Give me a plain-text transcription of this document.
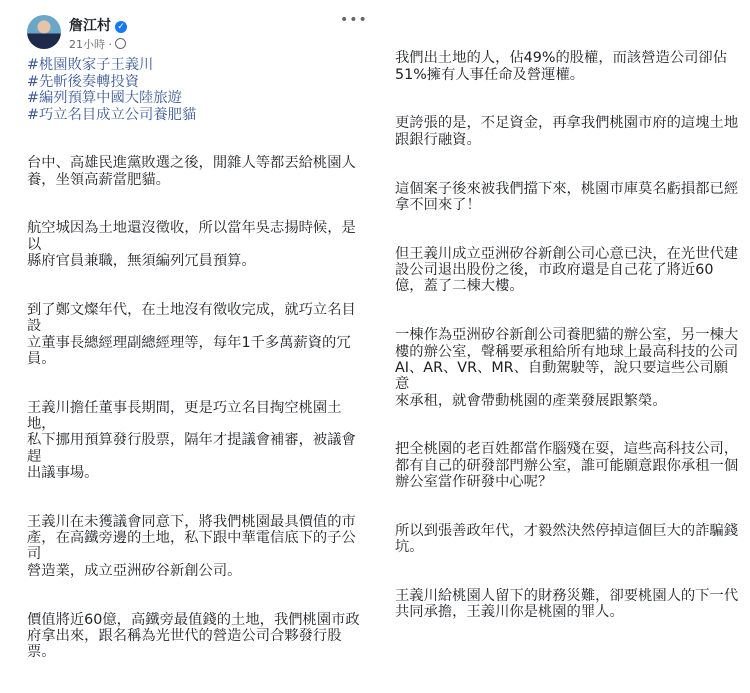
詹江村 ✓
21小時 ·
•••
#桃園敗家子王義川
#先斬後奏轉投資
#編列預算中國大陸旅遊
#巧立名目成立公司養肥貓

台中、高雄民進黨敗選之後，閒雜人等都丟給桃園人
養，坐領高薪當肥貓。

航空城因為土地還沒徵收，所以當年吳志揚時候，是以
縣府官員兼職，無須編列冗員預算。

到了鄭文燦年代，在土地沒有徵收完成，就巧立名目設
立董事長總經理副總經理等，每年1千多萬薪資的冗
員。

王義川擔任董事長期間，更是巧立名目掏空桃園土地，
私下挪用預算發行股票，隔年才提議會補審，被議會趕
出議事場。

王義川在未獲議會同意下，將我們桃園最具價值的市
產，在高鐵旁邊的土地，私下跟中華電信底下的子公司
營造業，成立亞洲矽谷新創公司。

價值將近60億，高鐵旁最值錢的土地，我們桃園市政
府拿出來，跟名稱為光世代的營造公司合夥發行股
票。

我們出土地的人，佔49%的股權，而該營造公司卻佔
51%擁有人事任命及營運權。

更誇張的是，不足資金，再拿我們桃園市府的這塊土地
跟銀行融資。

這個案子後來被我們擋下來，桃園市庫莫名虧損都已經
拿不回來了！

但王義川成立亞洲矽谷新創公司心意已決，在光世代建
設公司退出股份之後，市政府還是自己花了將近60
億，蓋了二棟大樓。

一棟作為亞洲矽谷新創公司養肥貓的辦公室，另一棟大
樓的辦公室，聲稱要承租給所有地球上最高科技的公司
AI、AR、VR、MR、自動駕駛等，說只要這些公司願意
來承租，就會帶動桃園的產業發展跟繁榮。

把全桃園的老百姓都當作腦殘在耍，這些高科技公司，
都有自己的研發部門辦公室，誰可能願意跟你承租一個
辦公室當作研發中心呢？

所以到張善政年代，才毅然決然停掉這個巨大的詐騙錢
坑。

王義川給桃園人留下的財務災難，卻要桃園人的下一代
共同承擔，王義川你是桃園的罪人。
